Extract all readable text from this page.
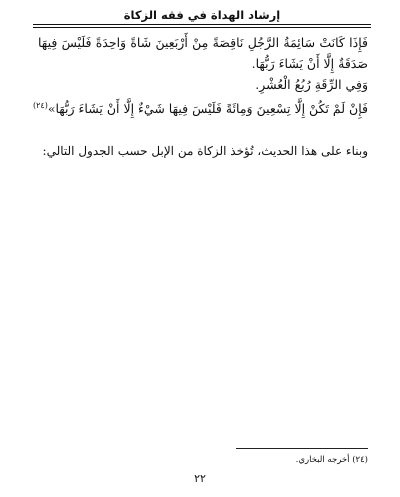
إرشاد الهداة في فقه الزكاة

فَإِذَا كَانَتْ سَائِمَةُ الرَّجُلِ نَاقِصَةً مِنْ أَرْبَعِينَ شَاةً وَاحِدَةً فَلَيْسَ فِيهَا

صَدَقَةٌ إِلَّا أَنْ يَشَاءَ رَبُّهَا.

وَفِي الرِّقَةِ رُبُعُ الْعُشْرِ.

فَإِنْ لَمْ تَكُنْ إِلَّا تِسْعِينَ وَمِائَةً فَلَيْسَ فِيهَا شَيْءٌ إِلَّا أَنْ يَشَاءَ رَبُّهَا»$^{(٢٤)}$

وبناء على هذا الحديث، تُؤخذ الزكاة من الإبل حسب الجدول التالي:

(٢٤) أخرجه البخاري.

٢٢
